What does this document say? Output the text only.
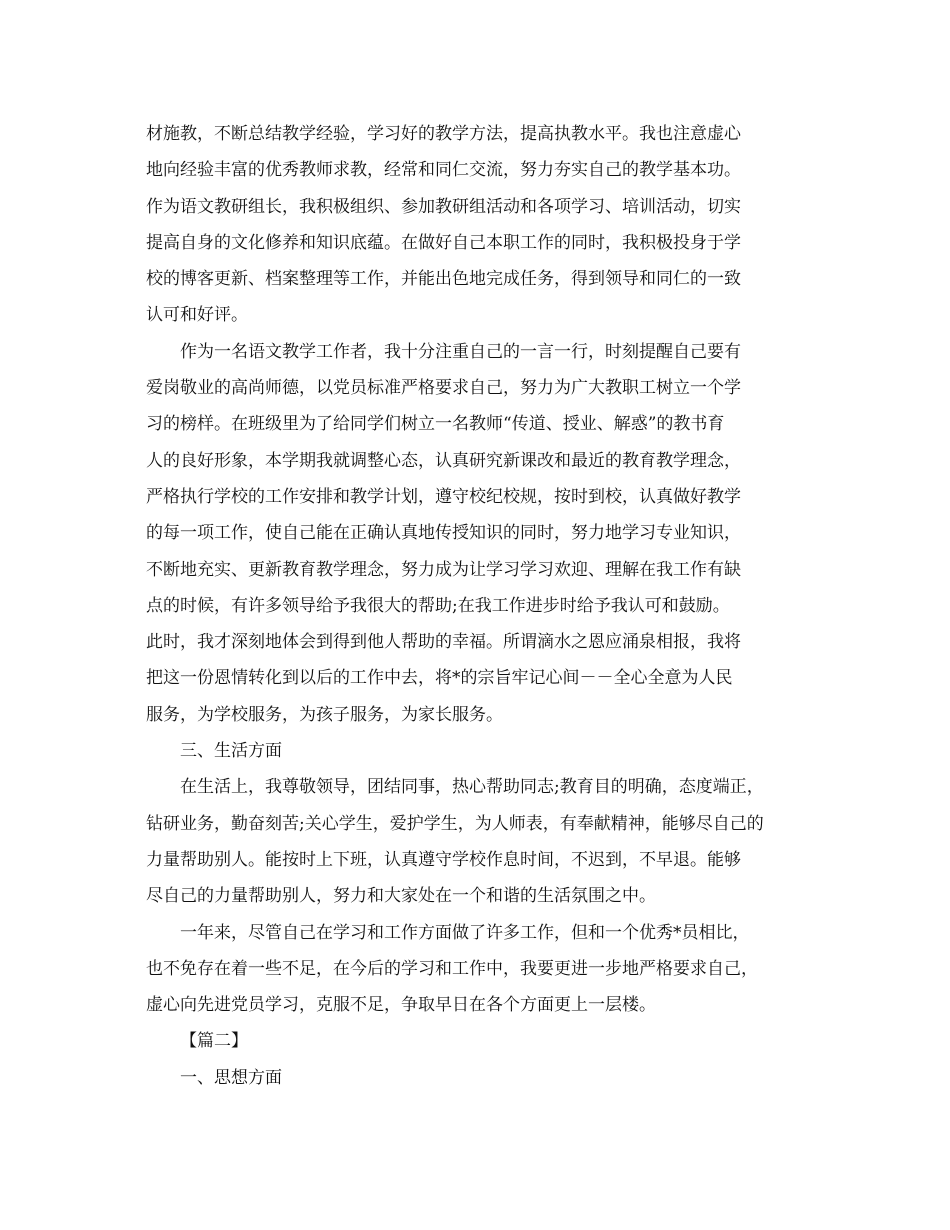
材施教，不断总结教学经验，学习好的教学方法，提高执教水平。我也注意虚心
地向经验丰富的优秀教师求教，经常和同仁交流，努力夯实自己的教学基本功。
作为语文教研组长，我积极组织、参加教研组活动和各项学习、培训活动，切实
提高自身的文化修养和知识底蕴。在做好自己本职工作的同时，我积极投身于学
校的博客更新、档案整理等工作，并能出色地完成任务，得到领导和同仁的一致
认可和好评。
作为一名语文教学工作者，我十分注重自己的一言一行，时刻提醒自己要有
爱岗敬业的高尚师德，以党员标准严格要求自己，努力为广大教职工树立一个学
习的榜样。在班级里为了给同学们树立一名教师“传道、授业、解惑”的教书育
人的良好形象，本学期我就调整心态，认真研究新课改和最近的教育教学理念，
严格执行学校的工作安排和教学计划，遵守校纪校规，按时到校，认真做好教学
的每一项工作，使自己能在正确认真地传授知识的同时，努力地学习专业知识，
不断地充实、更新教育教学理念，努力成为让学习学习欢迎、理解在我工作有缺
点的时候，有许多领导给予我很大的帮助;在我工作进步时给予我认可和鼓励。
此时，我才深刻地体会到得到他人帮助的幸福。所谓滴水之恩应涌泉相报，我将
把这一份恩情转化到以后的工作中去，将*的宗旨牢记心间－－全心全意为人民
服务，为学校服务，为孩子服务，为家长服务。
三、生活方面
在生活上，我尊敬领导，团结同事，热心帮助同志;教育目的明确，态度端正，
钻研业务，勤奋刻苦;关心学生，爱护学生，为人师表，有奉献精神，能够尽自己的
力量帮助别人。能按时上下班，认真遵守学校作息时间，不迟到，不早退。能够
尽自己的力量帮助别人，努力和大家处在一个和谐的生活氛围之中。
一年来，尽管自己在学习和工作方面做了许多工作，但和一个优秀*员相比，
也不免存在着一些不足，在今后的学习和工作中，我要更进一步地严格要求自己，
虚心向先进党员学习，克服不足，争取早日在各个方面更上一层楼。
【篇二】
一、思想方面
